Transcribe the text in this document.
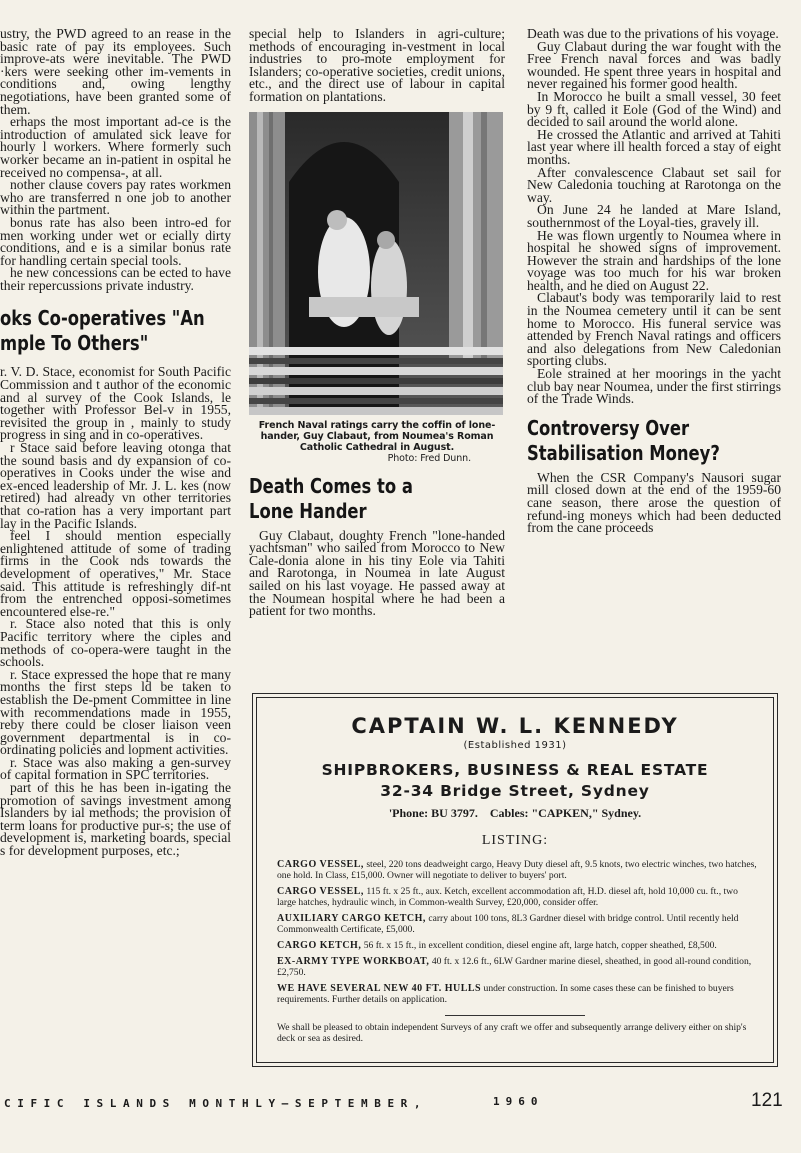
ustry, the PWD agreed to an rease in the basic rate of pay its employees. Such improve-ats were inevitable. The PWD ·kers were seeking other im-vements in conditions and, owing lengthy negotiations, have been granted some of them.

erhaps the most important ad-ce is the introduction of amulated sick leave for hourly l workers. Where formerly such worker became an in-patient in ospital he received no compensa-, at all.

nother clause covers pay rates workmen who are transferred n one job to another within the partment.

bonus rate has also been intro-ed for men working under wet or ecially dirty conditions, and e is a similar bonus rate for handling certain special tools.

he new concessions can be ected to have their repercussions private industry.

oks Co-operatives "An
mple To Others"

r. V. D. Stace, economist for South Pacific Commission and t author of the economic and al survey of the Cook Islands, le together with Professor Bel-v in 1955, revisited the group in , mainly to study progress in sing and in co-operatives.

r Stace said before leaving otonga that the sound basis and dy expansion of co-operatives in Cooks under the wise and ex-enced leadership of Mr. J. L. kes (now retired) had already vn other territories that co-ration has a very important part lay in the Pacific Islands.

feel I should mention especially enlightened attitude of some of trading firms in the Cook nds towards the development of operatives," Mr. Stace said. This attitude is refreshingly dif-nt from the entrenched opposi-sometimes encountered else-re."

r. Stace also noted that this is only Pacific territory where the ciples and methods of co-opera-were taught in the schools.

r. Stace expressed the hope that re many months the first steps ld be taken to establish the De-pment Committee in line with recommendations made in 1955, reby there could be closer liaison veen government departmental is in co-ordinating policies and lopment activities.

r. Stace was also making a gen-survey of capital formation in SPC territories.

part of this he has been in-igating the promotion of savings investment among Islanders by ial methods; the provision of term loans for productive pur-s; the use of development is, marketing boards, special s for development purposes, etc.;

special help to Islanders in agri-culture; methods of encouraging in-vestment in local industries to pro-mote employment for Islanders; co-operative societies, credit unions, etc., and the direct use of labour in capital formation on plantations.

French Naval ratings carry the coffin of lone-hander, Guy Clabaut, from Noumea's Roman Catholic Cathedral in August.
Photo: Fred Dunn.
Death Comes to a
Lone Hander

Guy Clabaut, doughty French "lone-handed yachtsman" who sailed from Morocco to New Cale-donia alone in his tiny Eole via Tahiti and Rarotonga, in Noumea in late August sailed on his last voyage. He passed away at the Noumean hospital where he had been a patient for two months.

Death was due to the privations of his voyage.

Guy Clabaut during the war fought with the Free French naval forces and was badly wounded. He spent three years in hospital and never regained his former good health.

In Morocco he built a small vessel, 30 feet by 9 ft, called it Eole (God of the Wind) and decided to sail around the world alone.

He crossed the Atlantic and arrived at Tahiti last year where ill health forced a stay of eight months.

After convalescence Clabaut set sail for New Caledonia touching at Rarotonga on the way.

On June 24 he landed at Mare Island, southernmost of the Loyal-ties, gravely ill.

He was flown urgently to Noumea where in hospital he showed signs of improvement. However the strain and hardships of the lone voyage was too much for his war broken health, and he died on August 22.

Clabaut's body was temporarily laid to rest in the Noumea cemetery until it can be sent home to Morocco. His funeral service was attended by French Naval ratings and officers and also delegations from New Caledonian sporting clubs.

Eole strained at her moorings in the yacht club bay near Noumea, under the first stirrings of the Trade Winds.

Controversy Over
Stabilisation Money?

When the CSR Company's Nausori sugar mill closed down at the end of the 1959-60 cane season, there arose the question of refund-ing moneys which had been deducted from the cane proceeds

CAPTAIN W. L. KENNEDY
(Established 1931)
SHIPBROKERS, BUSINESS & REAL ESTATE
32-34 Bridge Street, Sydney
'Phone: BU 3797. Cables: "CAPKEN," Sydney.
LISTING:
CARGO VESSEL, steel, 220 tons deadweight cargo, Heavy Duty diesel aft, 9.5 knots, two electric winches, two hatches, one hold. In Class, £15,000. Owner will negotiate to deliver to buyers' port.
CARGO VESSEL, 115 ft. x 25 ft., aux. Ketch, excellent accommodation aft, H.D. diesel aft, hold 10,000 cu. ft., two large hatches, hydraulic winch, in Common-wealth Survey, £20,000, consider offer.
AUXILIARY CARGO KETCH, carry about 100 tons, 8L3 Gardner diesel with bridge control. Until recently held Commonwealth Certificate, £5,000.
CARGO KETCH, 56 ft. x 15 ft., in excellent condition, diesel engine aft, large hatch, copper sheathed, £8,500.
EX-ARMY TYPE WORKBOAT, 40 ft. x 12.6 ft., 6LW Gardner marine diesel, sheathed, in good all-round condition, £2,750.
WE HAVE SEVERAL NEW 40 FT. HULLS under construction. In some cases these can be finished to buyers requirements. Further details on application.
We shall be pleased to obtain independent Surveys of any craft we offer and subsequently arrange delivery either on ship's deck or sea as desired.
CIFIC ISLANDS MONTHLY—SEPTEMBER,	1960	121
